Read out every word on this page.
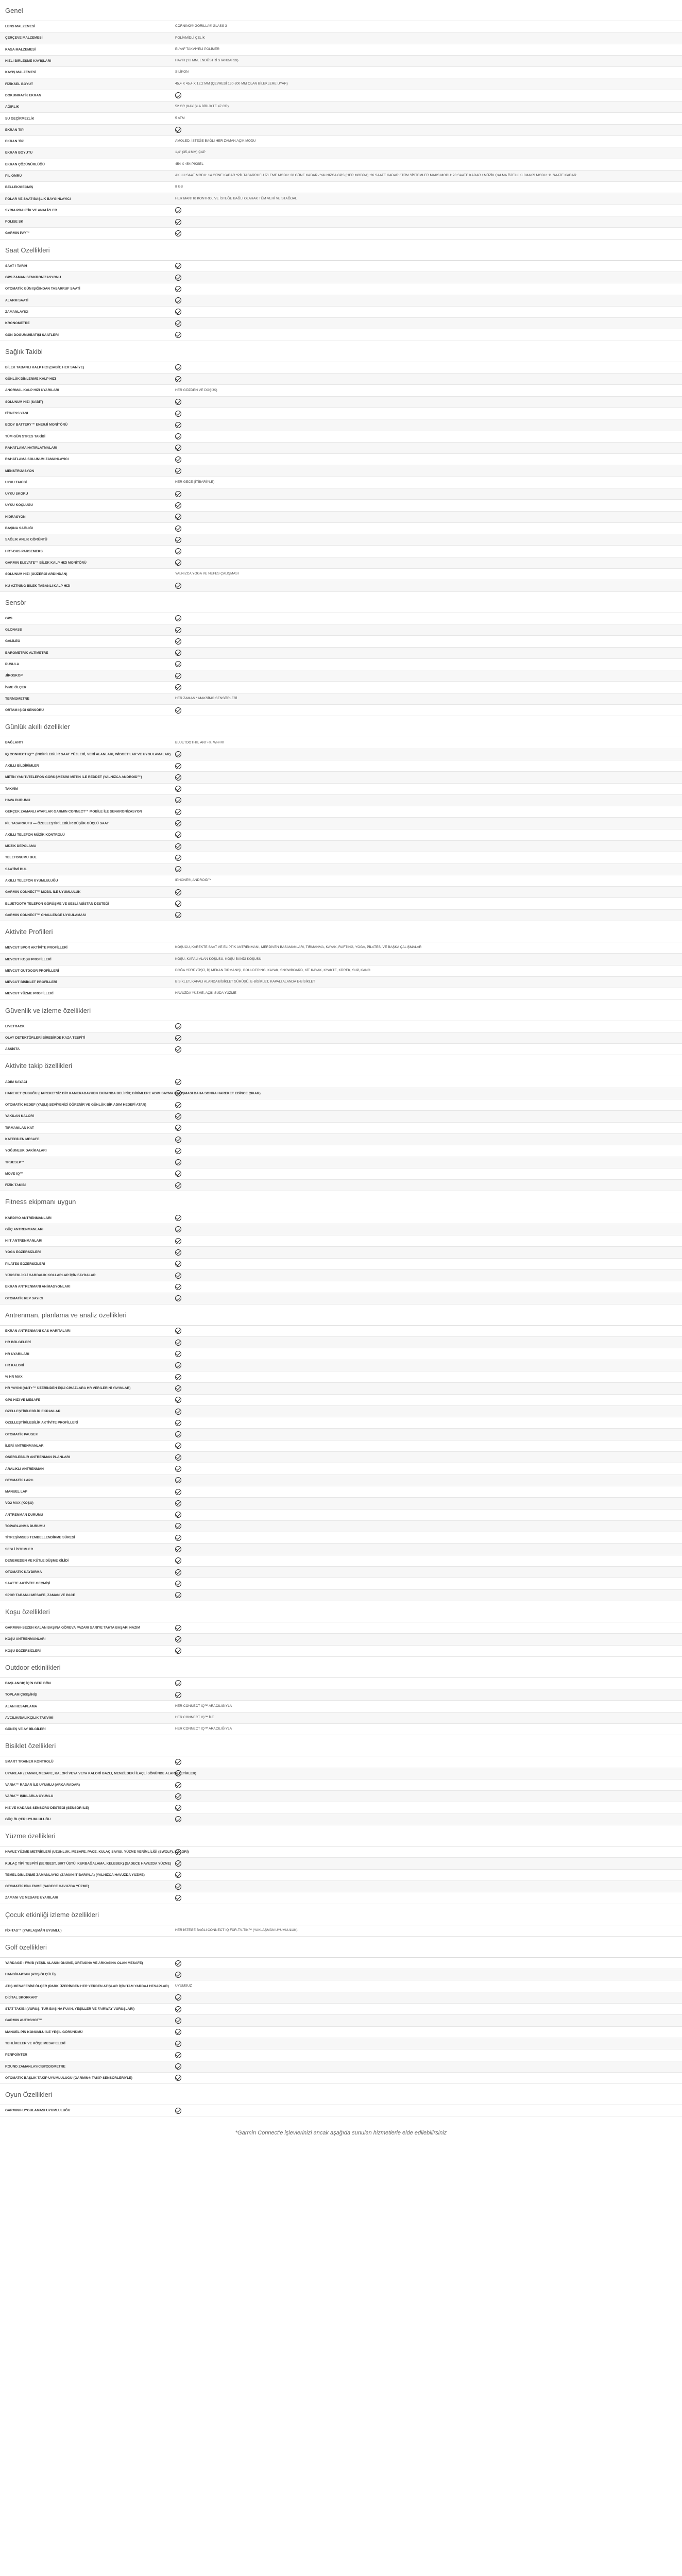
Genel
LENS MALZEMESİ	CORNING® GORILLA® GLASS 3
ÇERÇEVE MALZEMESİ	POLİAMİDLİ ÇELİK
KASA MALZEMESİ	ELYAF TAKVİYELİ POLİMER
HIZLI BIRLEŞME KAYIŞLARI	HAYIR (22 MM, ENDÜSTRİ STANDARDI)
KAYIŞ MALZEMESİ	SİLİKON
FİZİKSEL BOYUT	45,4 X 45,4 X 12,2 MM (ÇEVRESİ 130-200 MM OLAN BİLEKLERE UYAR)
DOKUNMATİK EKRAN
AĞIRLIK	52 GR (KAYIŞLA BİRLİKTE 47 GR)
SU GEÇİRMEZLİK	5 ATM
EKRAN TİPİ
EKRAN TİPİ	AMOLED, İSTEĞE BAĞLI HER ZAMAN AÇIK MODU
EKRAN BOYUTU	1,4" (35,4 MM) ÇAP
EKRAN ÇÖZÜNÜRLÜĞÜ	454 X 454 PİKSEL
PİL ÖMRÜ	AKILLI SAAT MODU: 14 GÜNE KADAR *PİL TASARRUFU İZLEME MODU: 20 GÜNE KADAR / YALNIZCA GPS (HER MODDA): 26 SAATE KADAR / TÜM SİSTEMLER MAKS MODU: 20 SAATE KADAR / MÜZİK ÇALMA ÖZELLİKLİ MAKS MODU: 11 SAATE KADAR
BELLEK/GEÇMİŞ	8 GB
POLAR VE SAAT-BAŞLIK BAYGINLAYICI	HER MANTIK KONTROL VE İSTEĞE BAĞLI OLARAK TÜM VERİ VE STAĞDAL
SYRIA PRAKTİK VE ANALİZLER
POLISE SK
GARMIN PAY™
Saat Özellikleri
SAAT / TARİH
GPS ZAMAN SENKRONİZASYONU
OTOMATİK GÜN IŞIĞINDAN TASARRUF SAATİ
ALARM SAATİ
ZAMANLAYICI
KRONOMETRE
GÜN DOĞUMU/BATIŞI SAATLERİ
Sağlık Takibi
BİLEK TABANLI KALP HIZI (SABİT, HER SANİYE)
GÜNLÜK DİNLENME KALP HIZI
ANORMAL KALP HIZI UYARILARI	HER GÖZDEN VE DÜŞÜK)
SOLUNUM HIZI (SABİT)
FİTNESS YAŞI
BODY BATTERY™ ENERJİ MONİTÖRÜ
TÜM GÜN STRES TAKİBİ
RAHATLAMA HATIRLATMALARI
RAHATLAMA SOLUNUM ZAMANLAYICI
MENSTRÜASYON
UYKU TAKİBİ	HER GECE (İTİBARİYLE)
UYKU SKORU
UYKU KOÇLUĞU
HİDRASYON
BAŞINA SAĞLIĞI
SAĞLIK ANLIK GÖRÜNTÜ
HRT-OKS PARSEMEKS
GARMIN ELEVATE™ BİLEK KALP HIZI MONİTÖRÜ
SOLUNUM HIZI (GÜZERGİ ARDINDAN)	YALNIZCA YOGA VE NEFES ÇALIŞMASI
KU AZTNING BİLEK TABANLI KALP HIZI
Sensör
GPS
GLONASS
GALİLEO
BAROMETRİK ALTİMETRE
PUSULA
JİROSKOP
İVME ÖLÇER
TERMOMETRE	HER ZAMAN * MAKSİMO SENSÖRLERİ
ORTAM IŞIĞI SENSÖRÜ
Günlük akıllı özellikler
BAĞLANTI	BLUETOOTH®, ANT+®, WI-FI®
IQ CONNECT IQ™ (İNDİRİLEBİLİR SAAT YÜZLERİ, VERİ ALANLARI, WİDGET'LAR VE UYGULAMALAR)
AKILLI BİLDİRİMLER
METİN YANITI/TELEFON GÖRÜŞMESİNİ METİN İLE REDDET (YALNIZCA ANDROID™)
TAKVİM
HAVA DURUMU
GERÇEK ZAMANLI AYARLAR GARMIN CONNECT™ MOBİLE İLE SENKRONİZASYON
PİL TASARRUFU — ÖZELLEŞTİRİLEBİLİR DÜŞÜK GÜÇLÜ SAAT
AKILLI TELEFON MÜZİK KONTROLÜ
MÜZİK DEPOLAMA
TELEFONUMU BUL
SAATİMİ BUL
AKILLI TELEFON UYUMLULUĞU	IPHONE®, ANDROID™
GARMIN CONNECT™ MOBİL İLE UYUMLULUK
BLUETOOTH TELEFON GÖRÜŞME VE SESLİ ASİSTAN DESTEĞİ
GARMIN CONNECT™ CHALLENGE UYGULAMASI
Aktivite Profilleri
MEVCUT SPOR AKTİVİTE PROFİLLERİ	KOŞUCU, KAREKTE SAAT VE ELİPTİK ANTRENMANI, MERDİVEN BASAMAKLARI, TIRMANMA, KAYAK, RAFTING, YOGA, PİLATES, VE BAŞKA ÇALIŞMALAR
MEVCUT KOŞU PROFİLLERİ	KOŞU, KAPALI ALAN KOŞUSU, KOŞU BANDI KOŞUSU
MEVCUT OUTDOOR PROFİLLERİ	DOĞA YÜRÜYÜŞÜ, İÇ MEKAN TIRMANIŞI, BOULDERING, KAYAK, SNOWBOARD, KİT KAYAK, KYAKTE, KÜREK, SUP, KANO
MEVCUT BİSİKLET PROFİLLERİ	BİSİKLET, KAPALI ALANDA BİSİKLET SÜRÜŞÜ, E-BİSİKLET, KAPALI ALANDA E-BİSİKLET
MEVCUT YÜZME PROFİLLERİ	HAVUZDA YÜZME, AÇIK SUDA YÜZME
Güvenlik ve izleme özellikleri
LIVETRACK
OLAY DETEKTÖRLERİ BİREBİRDE KAZA TESPİTİ
ASSİSTA
Aktivite takip özellikleri
ADIM SAYACI
HAREKET ÇUBUĞU (HAREKETSİZ BİR KAMERADAYKEN EKRANDA BELİRİR; BİRİMLERE ADIM SAYMA ÇALIŞMASI DAHA SONRA HAREKET EDİNCE ÇIKAR)
OTOMATİK HEDEF (YAŞLI) SEVİYENİZİ ÖĞRENİR VE GÜNLÜK BİR ADIM HEDEFİ ATAR)
YAKILAN KALORİ
TIRMANILAN KAT
KATEDİLEN MESAFE
YOĞUNLUK DAKİKALARI
TRUESLP™
MOVE IQ™
FİZİK TAKİBİ
Fitness ekipmanı uygun
KARDİYO ANTRENMANLARI
GÜÇ ANTRENMANLARI
HIIT ANTRENMANLARI
YOGA EGZERSİZLERİ
PİLATES EGZERSİZLERİ
YÜKSEKLİKLİ GARDALIK KOLLARLAR İÇİN FAYDALAR
EKRAN ANTRENMANI ANİMASYONLARI
OTOMATİK REP SAYICI
Antrenman, planlama ve analiz özellikleri
EKRAN ANTRENMANI KAS HARİTALARI
HR BÖLGELERİ
HR UYARILARI
HR KALORİ
% HR MAX
HR YAYINI (ANT+™ ÜZERİNDEN EŞLİ CİHAZLARA HR VERİLERİNİ YAYINLAR)
GPS HIZI VE MESAFE
ÖZELLEŞTİRİLEBİLİR EKRANLAR
ÖZELLEŞTİRİLEBİLİR AKTİVİTE PROFİLLERİ
OTOMATİK PAUSE®
İLERİ ANTRENMANLAR
ÖNERİLEBİLİR ANTRENMAN PLANLARI
ARALIKLI ANTRENMAN
OTOMATİK LAP®
MANUEL LAP
VO2 MAX (KOŞU)
ANTRENMAN DURUMU
TOPARLANMA DURUMU
TİTREŞİM/SES TEMBELLENDİRME SÜRESİ
SESLİ İSTEMLER
DENEMEDEN VE KÜTLE DÜŞME KİLİDİ
OTOMATİK KAYDIRMA
SAATTE AKTİVİTE GEÇMİŞİ
SPOR TABANLI MESAFE, ZAMAN VE PACE
Koşu özellikleri
GARMIN® SEZEN KALAN BAŞINA GÖREVA PAZARI SARIYE TAHTA BAŞARI NAZIM
KOŞU ANTRENMANLARI
KOŞU EGZERSİZLERİ
Outdoor etkinlikleri
BAŞLANGIÇ İÇİN GERİ DÖN
TOPLAM ÇIKIŞ/İNİŞ
ALAN HESAPLAMA	HER CONNECT IQ™ ARACILIĞIYLA
AVCILIK/BALIKÇILIK TAKVİMİ	HER CONNECT IQ™ İLE
GÜNEŞ VE AY BİLGİLERİ	HER CONNECT IQ™ ARACILIĞIYLA
Bisiklet özellikleri
SMART TRAINER KONTROLÜ
UYARILAR (ZAMAN, MESAFE, KALORİ VEYA VEYA KALORİ BAZLI, MENZİLDEKİ İLAÇLİ SÖNÜNDE ALARM TETİKLER)
VARIA™ RADAR İLE UYUMLU (ARKA RADAR)
VARIA™ IŞIKLARLA UYUMLU
HIZ VE KADANS SENSÖRÜ DESTEĞİ (SENSÖR İLE)
GÜÇ ÖLÇER UYUMLULUĞU
Yüzme özellikleri
HAVUZ YÜZME METRİKLERİ (UZUNLUK, MESAFE, PACE, KULAÇ SAYISI, YÜZME VERİMLİLİĞİ (SWOLF), KALORİ)
KULAÇ TİPİ TESPİTİ (SERBEST, SIRT ÜSTÜ, KURBAĞALAMA, KELEBEK) (SADECE HAVUZDA YÜZME)
TEMEL DİNLENME ZAMANLAYICI (ZAMAN İTİBARIYLA) (YALNIZCA HAVUZDA YÜZME)
OTOMATİK DİNLENME (SADECE HAVUZDA YÜZME)
ZAMANI VE MESAFE UYARILARI
Çocuk etkinliği izleme özellikleri
FİX-TAS™ (YAKLAŞMÂN UYUMLU)	HER İSTEĞE BAĞLI CONNECT IQ FÜR-TV-TİK™ (YAKLAŞMÂN UYUMLULUK)
Golf özellikleri
YARDAGE - F/M/B (YEŞİL ALANIN ÖNÜNE, ORTASINA VE ARKASINA OLAN MESAFE)
HANDİKAPTAN (ATIŞ/ÖLÇÜLÜ)
ATIŞ MESAFESİNİ ÖLÇER (PARK ÜZERİNDEN HER YERDEN ATIŞLAR İÇİN TAM YARDAJ HESAPLAR)	UYUMSUZ
DİJİTAL SKORKART
STAT TAKİBİ (VURUŞ, TUR BAŞINA PUAN, YEŞİLLER VE FAIRWAY VURUŞLARI)
GARMIN AUTOSHOT™
MANUEL PİN KONUMLU İLE YEŞİL GÖRÜNÜMÜ
TEHLİKELER VE KÖŞE MESAFELERİ
PENPOİNTER
ROUND ZAMANLAYICISI/ODOMETRE
OTOMATİK BAŞLIK TAKİP UYUMLULUĞU (GARMIN® TAKİP SENSÖRLERİYLE)
Oyun Özellikleri
GARMIN® UYGULAMASI UYUMLULUĞU
*Garmin Connect'e işlevlerinizi ancak aşağıda sunulan hizmetlerle elde edilebilirsiniz
